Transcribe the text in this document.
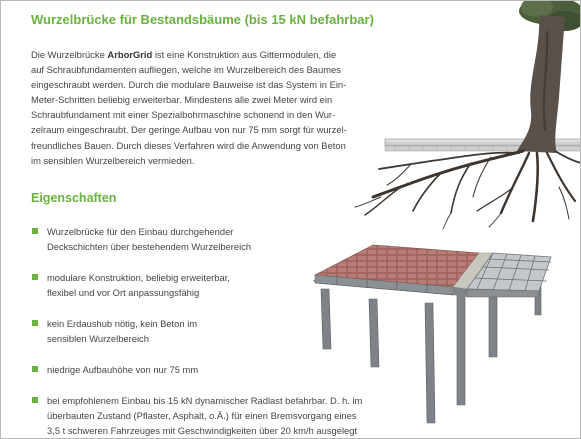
Wurzelbrücke für Bestandsbäume (bis 15 kN befahrbar)

Die Wurzelbrücke ArborGrid ist eine Konstruktion aus Gittermodulen, die
auf Schraubfundamenten aufliegen, welche im Wurzelbereich des Baumes
eingeschraubt werden. Durch die modulare Bauweise ist das System in Ein-
Meter-Schritten beliebig erweiterbar. Mindestens alle zwei Meter wird ein
Schraubfundament mit einer Spezialbohrmaschine schonend in den Wur-
zelraum eingeschraubt. Der geringe Aufbau von nur 75 mm sorgt für wurzel-
freundliches Bauen. Durch dieses Verfahren wird die Anwendung von Beton
im sensiblen Wurzelbereich vermieden.

Eigenschaften
Wurzelbrücke für den Einbau durchgehender
Deckschichten über bestehendem Wurzelbereich
modulare Konstruktion, beliebig erweiterbar,
flexibel und vor Ort anpassungsfähig
kein Erdaushub nötig, kein Beton im
sensiblen Wurzelbereich
niedrige Aufbauhöhe von nur 75 mm
bei empfohlenem Einbau bis 15 kN dynamischer Radlast befahrbar. D. h. im
überbauten Zustand (Pflaster, Asphalt, o.Ä.) für einen Bremsvorgang eines
3,5 t schweren Fahrzeuges mit Geschwindigkeiten über 20 km/h ausgelegt
